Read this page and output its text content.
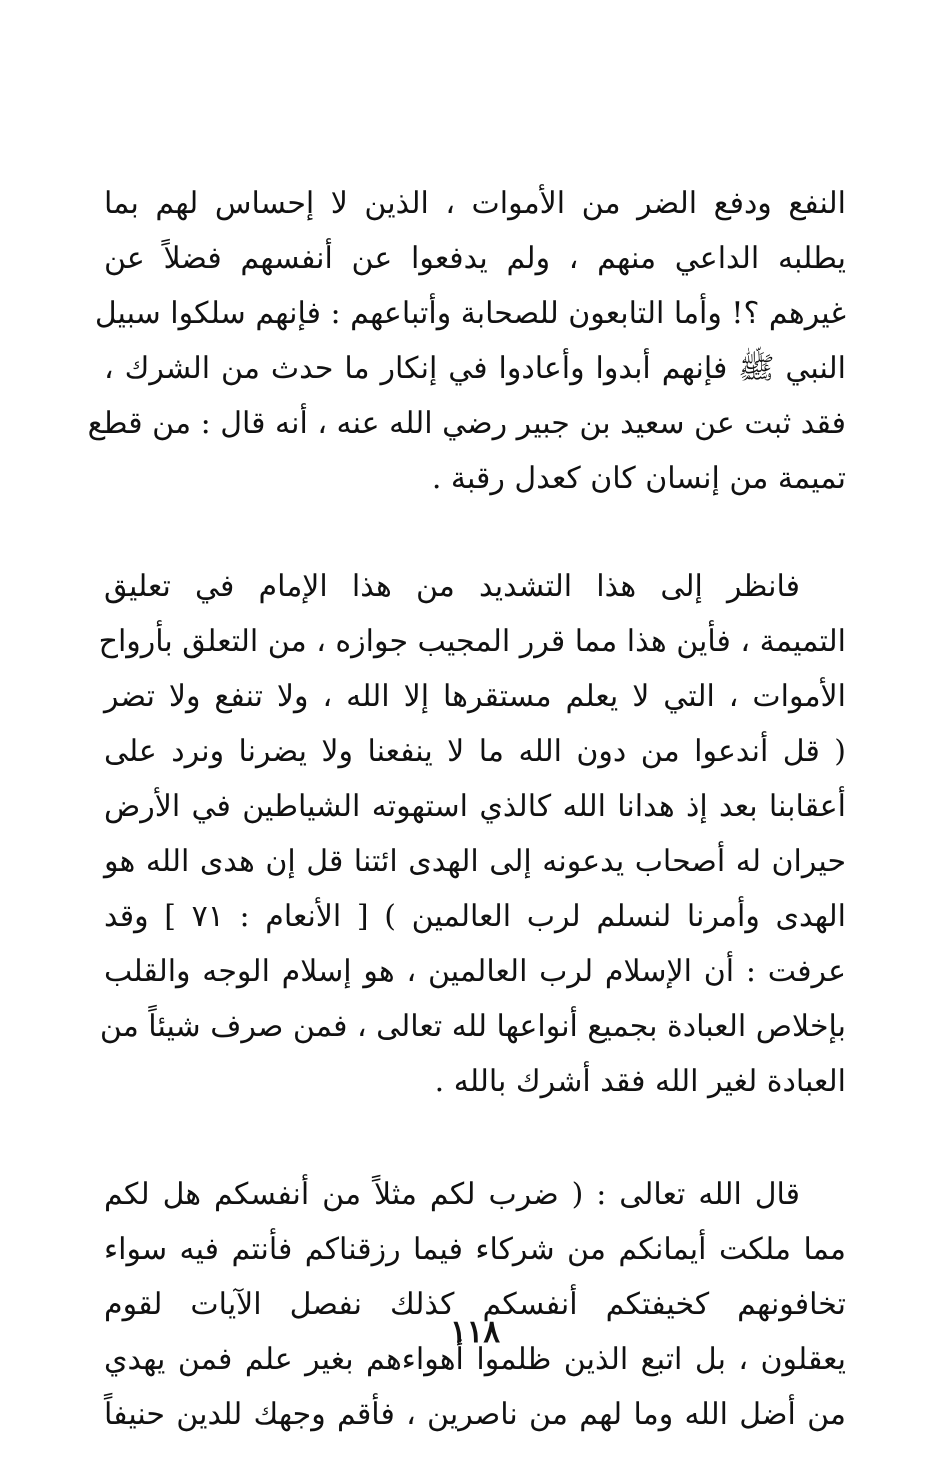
النفع ودفع الضر من الأموات ، الذين لا إحساس لهم بما
يطلبه الداعي منهم ، ولم يدفعوا عن أنفسهم فضلاً عن
غيرهم ؟! وأما التابعون للصحابة وأتباعهم : فإنهم سلكوا سبيل
النبي ﷺ فإنهم أبدوا وأعادوا في إنكار ما حدث من الشرك ،
فقد ثبت عن سعيد بن جبير رضي الله عنه ، أنه قال : من قطع
تميمة من إنسان كان كعدل رقبة .
فانظر إلى هذا التشديد من هذا الإمام في تعليق
التميمة ، فأين هذا مما قرر المجيب جوازه ، من التعلق بأرواح
الأموات ، التي لا يعلم مستقرها إلا الله ، ولا تنفع ولا تضر
( قل أندعوا من دون الله ما لا ينفعنا ولا يضرنا ونرد على
أعقابنا بعد إذ هدانا الله كالذي استهوته الشياطين في الأرض
حيران له أصحاب يدعونه إلى الهدى ائتنا قل إن هدى الله هو
الهدى وأمرنا لنسلم لرب العالمين ) [ الأنعام : ٧١ ] وقد
عرفت : أن الإسلام لرب العالمين ، هو إسلام الوجه والقلب
بإخلاص العبادة بجميع أنواعها لله تعالى ، فمن صرف شيئاً من
العبادة لغير الله فقد أشرك بالله .
قال الله تعالى : ( ضرب لكم مثلاً من أنفسكم هل لكم
مما ملكت أيمانكم من شركاء فيما رزقناكم فأنتم فيه سواء
تخافونهم كخيفتكم أنفسكم كذلك نفصل الآيات لقوم
يعقلون ، بل اتبع الذين ظلموا أهواءهم بغير علم فمن يهدي
من أضل الله وما لهم من ناصرين ، فأقم وجهك للدين حنيفاً
١١٨
